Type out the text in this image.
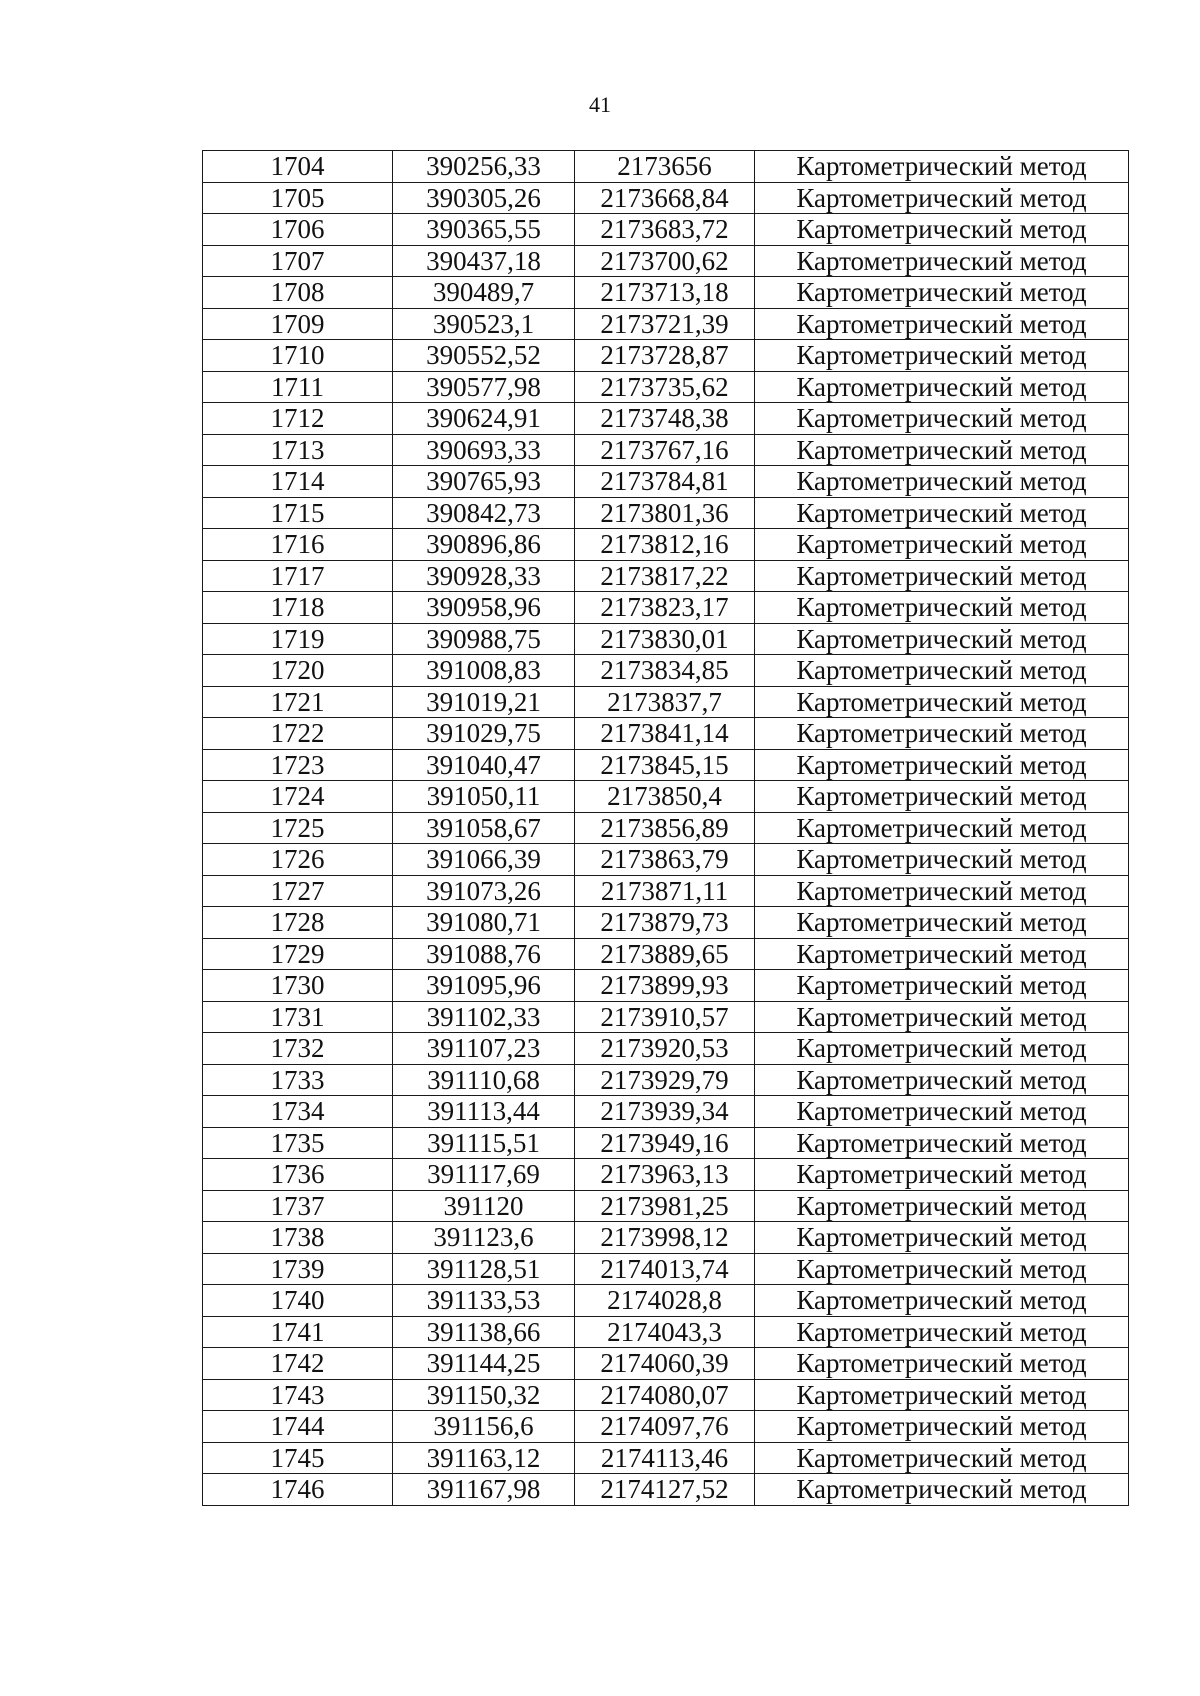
41
1704	390256,33	2173656	Картометрический метод
1705	390305,26	2173668,84	Картометрический метод
1706	390365,55	2173683,72	Картометрический метод
1707	390437,18	2173700,62	Картометрический метод
1708	390489,7	2173713,18	Картометрический метод
1709	390523,1	2173721,39	Картометрический метод
1710	390552,52	2173728,87	Картометрический метод
1711	390577,98	2173735,62	Картометрический метод
1712	390624,91	2173748,38	Картометрический метод
1713	390693,33	2173767,16	Картометрический метод
1714	390765,93	2173784,81	Картометрический метод
1715	390842,73	2173801,36	Картометрический метод
1716	390896,86	2173812,16	Картометрический метод
1717	390928,33	2173817,22	Картометрический метод
1718	390958,96	2173823,17	Картометрический метод
1719	390988,75	2173830,01	Картометрический метод
1720	391008,83	2173834,85	Картометрический метод
1721	391019,21	2173837,7	Картометрический метод
1722	391029,75	2173841,14	Картометрический метод
1723	391040,47	2173845,15	Картометрический метод
1724	391050,11	2173850,4	Картометрический метод
1725	391058,67	2173856,89	Картометрический метод
1726	391066,39	2173863,79	Картометрический метод
1727	391073,26	2173871,11	Картометрический метод
1728	391080,71	2173879,73	Картометрический метод
1729	391088,76	2173889,65	Картометрический метод
1730	391095,96	2173899,93	Картометрический метод
1731	391102,33	2173910,57	Картометрический метод
1732	391107,23	2173920,53	Картометрический метод
1733	391110,68	2173929,79	Картометрический метод
1734	391113,44	2173939,34	Картометрический метод
1735	391115,51	2173949,16	Картометрический метод
1736	391117,69	2173963,13	Картометрический метод
1737	391120	2173981,25	Картометрический метод
1738	391123,6	2173998,12	Картометрический метод
1739	391128,51	2174013,74	Картометрический метод
1740	391133,53	2174028,8	Картометрический метод
1741	391138,66	2174043,3	Картометрический метод
1742	391144,25	2174060,39	Картометрический метод
1743	391150,32	2174080,07	Картометрический метод
1744	391156,6	2174097,76	Картометрический метод
1745	391163,12	2174113,46	Картометрический метод
1746	391167,98	2174127,52	Картометрический метод
